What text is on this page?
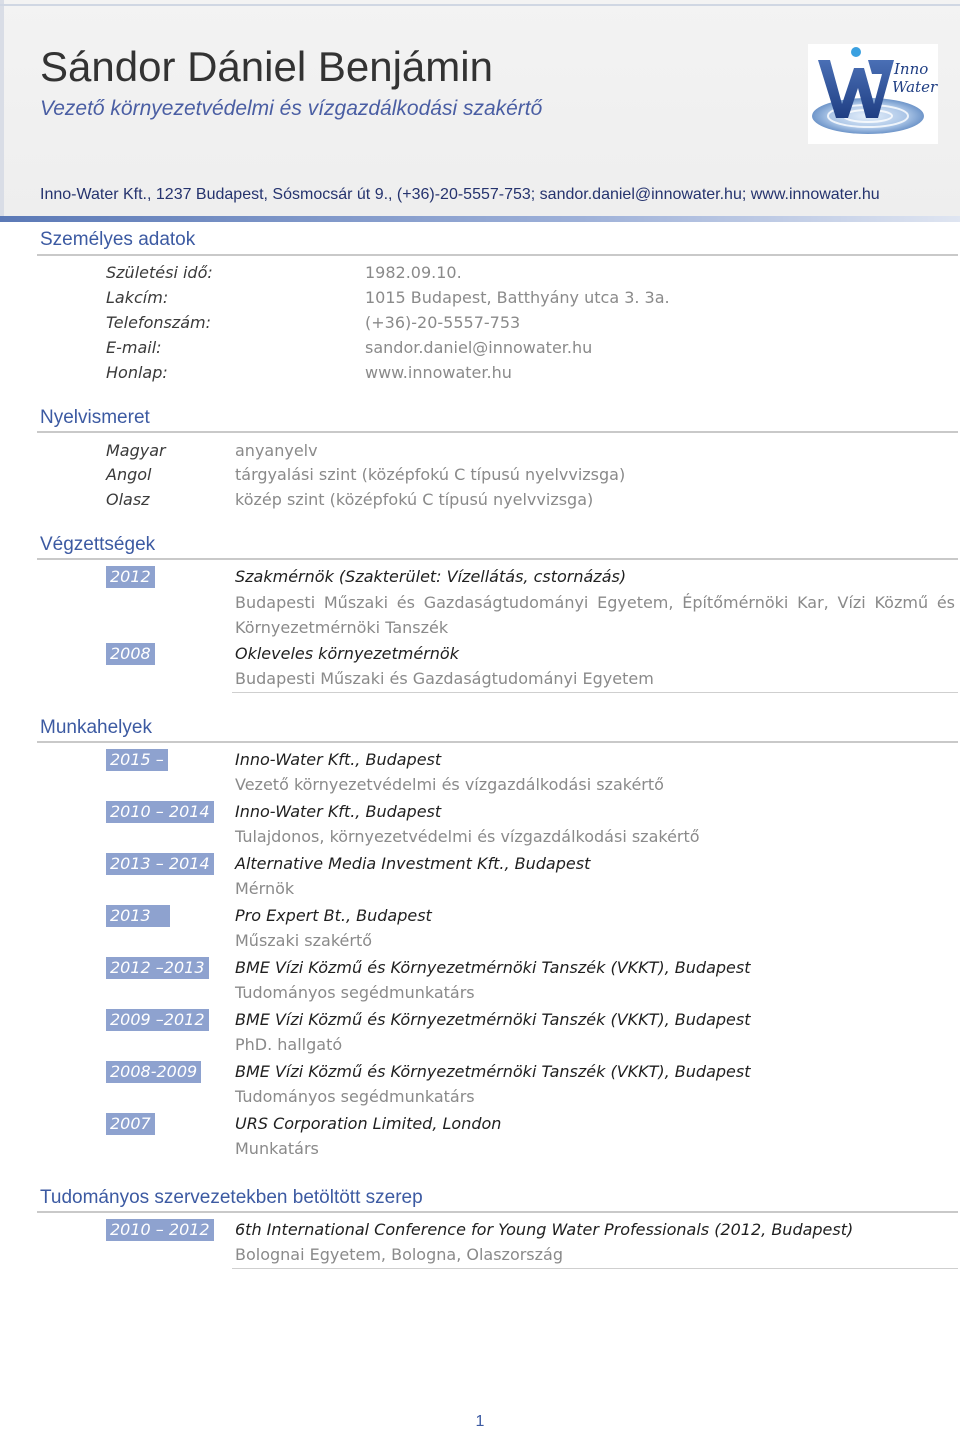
Sándor Dániel Benjámin
Vezető környezetvédelmi és vízgazdálkodási szakértő
Inno-Water Kft., 1237 Budapest, Sósmocsár út 9., (+36)-20-5557-753; sandor.daniel@innowater.hu; www.innowater.hu
Inno
Water
Személyes adatok
Születési idő:	1982.09.10.
Lakcím:	1015 Budapest, Batthyány utca 3. 3a.
Telefonszám:	(+36)-20-5557-753
E-mail:	sandor.daniel@innowater.hu
Honlap:	www.innowater.hu
Nyelvismeret
Magyar	anyanyelv
Angol	tárgyalási szint (középfokú C típusú nyelvvizsga)
Olasz	közép szint (középfokú C típusú nyelvvizsga)
Végzettségek
2012	Szakmérnök (Szakterület: Vízellátás, cstornázás)
Budapesti Műszaki és Gazdaságtudományi Egyetem, Építőmérnöki Kar, Vízi Közmű és Környezetmérnöki Tanszék
2008	Okleveles környezetmérnök
Budapesti Műszaki és Gazdaságtudományi Egyetem
Munkahelyek
2015 –	Inno-Water Kft., Budapest
Vezető környezetvédelmi és vízgazdálkodási szakértő
2010 – 2014 Inno-Water Kft., Budapest
Tulajdonos, környezetvédelmi és vízgazdálkodási szakértő
2013 – 2014 Alternative Media Investment Kft., Budapest
Mérnök
2013	Pro Expert Bt., Budapest
Műszaki szakértő
2012 –2013 BME Vízi Közmű és Környezetmérnöki Tanszék (VKKT), Budapest
Tudományos segédmunkatárs
2009 –2012 BME Vízi Közmű és Környezetmérnöki Tanszék (VKKT), Budapest
PhD. hallgató
2008-2009 BME Vízi Közmű és Környezetmérnöki Tanszék (VKKT), Budapest
Tudományos segédmunkatárs
2007	URS Corporation Limited, London
Munkatárs
Tudományos szervezetekben betöltött szerep
2010 – 2012 6th International Conference for Young Water Professionals (2012, Budapest)
Bolognai Egyetem, Bologna, Olaszország
1
